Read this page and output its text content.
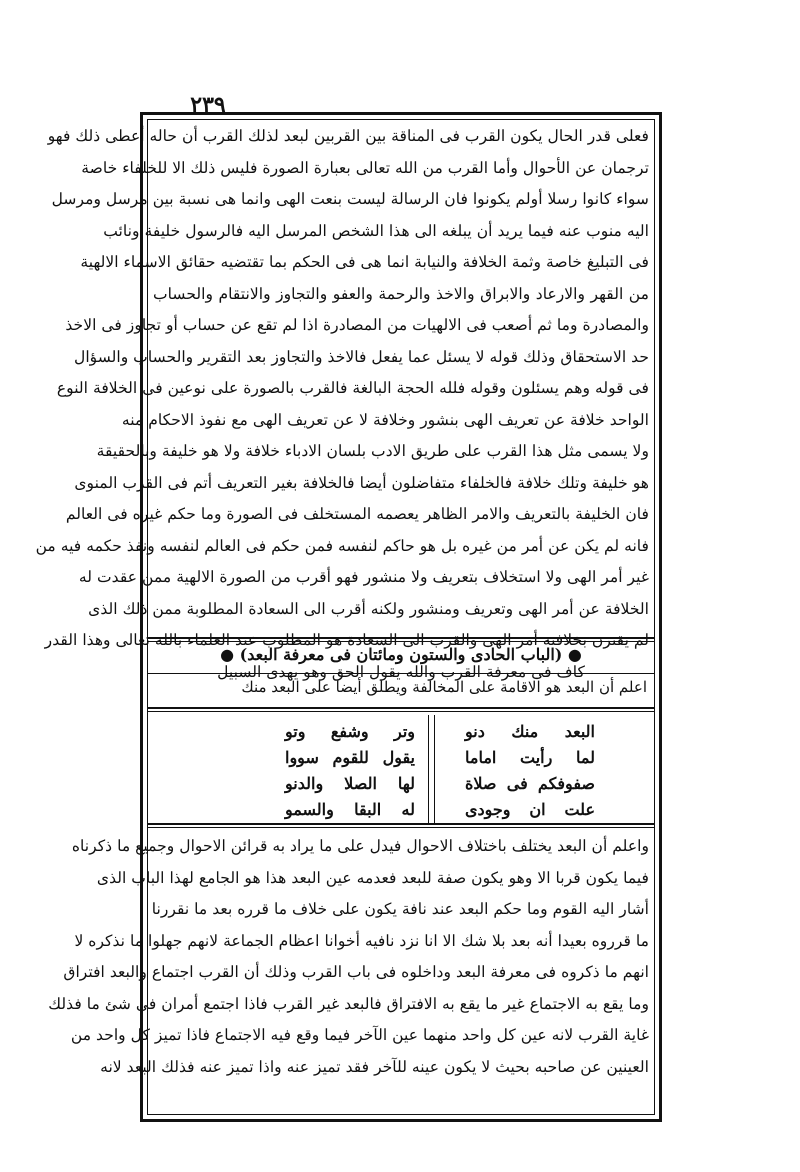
٢٣٩
فعلى قدر الحال يكون القرب فى المناقة بين القربين لبعد لذلك القرب أن حاله أعطى ذلك فهو
ترجمان عن الأحوال وأما القرب من الله تعالى بعبارة الصورة فليس ذلك الا للخلفاء خاصة
سواء كانوا رسلا أولم يكونوا فان الرسالة ليست بنعت الهى وانما هى نسبة بين مرسل ومرسل
اليه منوب عنه فيما يريد أن يبلغه الى هذا الشخص المرسل اليه فالرسول خليفة ونائب
فى التبليغ خاصة وثمة الخلافة والنيابة انما هى فى الحكم بما تقتضيه حقائق الاسماء الالهية
من القهر والارعاد والابراق والاخذ والرحمة والعفو والتجاوز والانتقام والحساب
والمصادرة وما ثم أصعب فى الالهيات من المصادرة اذا لم تقع عن حساب أو تجاوز فى الاخذ
حد الاستحقاق وذلك قوله لا يسئل عما يفعل فالاخذ والتجاوز بعد التقرير والحساب والسؤال
فى قوله وهم يسئلون وقوله فلله الحجة البالغة فالقرب بالصورة على نوعين فى الخلافة النوع
الواحد خلافة عن تعريف الهى بنشور وخلافة لا عن تعريف الهى مع نفوذ الاحكام منه
ولا يسمى مثل هذا القرب على طريق الادب بلسان الادباء خلافة ولا هو خليفة وبالحقيقة
هو خليفة وتلك خلافة فالخلفاء متفاضلون أيضا فالخلافة بغير التعريف أتم فى القرب المنوى
فان الخليفة بالتعريف والامر الظاهر يعصمه المستخلف فى الصورة وما حكم غيره فى العالم
فانه لم يكن عن أمر من غيره بل هو حاكم لنفسه فمن حكم فى العالم لنفسه ونفذ حكمه فيه من
غير أمر الهى ولا استخلاف بتعريف ولا منشور فهو أقرب من الصورة الالهية ممن عقدت له
الخلافة عن أمر الهى وتعريف ومنشور ولكنه أقرب الى السعادة المطلوبة ممن ذلك الذى
لم يقترن بخلافته أمر الهى والقرب الى السعادة هو المطلوب عند العلماء بالله تعالى وهذا القدر
كاف فى معرفة القرب والله يقول الحق وهو يهدى السبيل
● (الباب الحادى والستون ومائتان فى معرفة البعد) ●
اعلم أن البعد هو الاقامة على المخالفة ويطلق أيضا على البعد منك
البعد منك دنو
لما رأيت اماما
صفوفكم فى صلاة
علت ان وجودى
وتر وشفع وتو
يقول للقوم سووا
لها الصلا والدنو
له البقا والسمو
واعلم أن البعد يختلف باختلاف الاحوال فيدل على ما يراد به قرائن الاحوال وجميع ما ذكرناه
فيما يكون قربا الا وهو يكون صفة للبعد فعدمه عين البعد هذا هو الجامع لهذا الباب الذى
أشار اليه القوم وما حكم البعد عند نافة يكون على خلاف ما قرره بعد ما نقررنا
ما قرروه بعيدا أنه بعد بلا شك الا انا نزد نافيه أخوانا اعظام الجماعة لانهم جهلوا ما نذكره لا
انهم ما ذكروه فى معرفة البعد وداخلوه فى باب القرب وذلك أن القرب اجتماع والبعد افتراق
وما يقع به الاجتماع غير ما يقع به الافتراق فالبعد غير القرب فاذا اجتمع أمران فى شئ ما فذلك
غاية القرب لانه عين كل واحد منهما عين الآخر فيما وقع فيه الاجتماع فاذا تميز كل واحد من
العينين عن صاحبه بحيث لا يكون عينه للآخر فقد تميز عنه واذا تميز عنه فذلك البعد لانه
